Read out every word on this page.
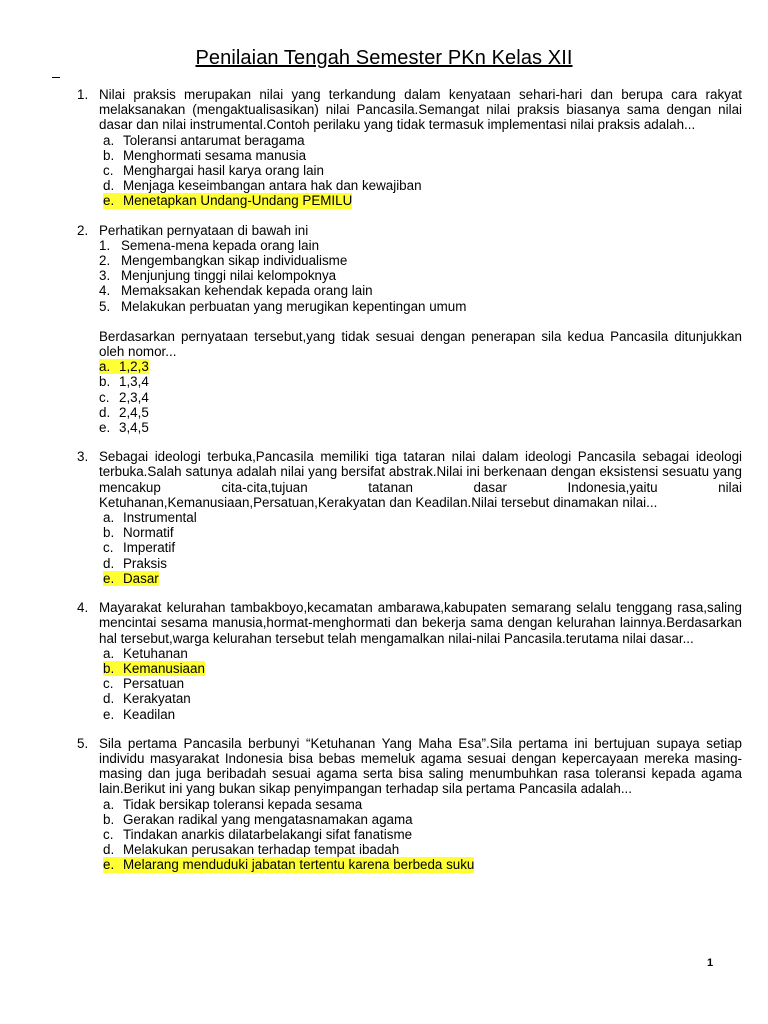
Penilaian Tengah Semester PKn Kelas XII
1. Nilai praksis merupakan nilai yang terkandung dalam kenyataan sehari-hari dan berupa cara rakyat melaksanakan (mengaktualisasikan) nilai Pancasila.Semangat nilai praksis biasanya sama dengan nilai dasar dan nilai instrumental.Contoh perilaku yang tidak termasuk implementasi nilai praksis adalah...
a. Toleransi antarumat beragama
b. Menghormati sesama manusia
c. Menghargai hasil karya orang lain
d. Menjaga keseimbangan antara hak dan kewajiban
e. Menetapkan Undang-Undang PEMILU
2. Perhatikan pernyataan di bawah ini
1. Semena-mena kepada orang lain
2. Mengembangkan sikap individualisme
3. Menjunjung tinggi nilai kelompoknya
4. Memaksakan kehendak kepada orang lain
5. Melakukan perbuatan yang merugikan kepentingan umum
Berdasarkan pernyataan tersebut,yang tidak sesuai dengan penerapan sila kedua Pancasila ditunjukkan oleh nomor...
a. 1,2,3
b. 1,3,4
c. 2,3,4
d. 2,4,5
e. 3,4,5
3. Sebagai ideologi terbuka,Pancasila memiliki tiga tataran nilai dalam ideologi Pancasila sebagai ideologi terbuka.Salah satunya adalah nilai yang bersifat abstrak.Nilai ini berkenaan dengan eksistensi sesuatu yang mencakup cita-cita,tujuan tatanan dasar Indonesia,yaitu nilai Ketuhanan,Kemanusiaan,Persatuan,Kerakyatan dan Keadilan.Nilai tersebut dinamakan nilai...
a. Instrumental
b. Normatif
c. Imperatif
d. Praksis
e. Dasar
4. Mayarakat kelurahan tambakboyo,kecamatan ambarawa,kabupaten semarang selalu tenggang rasa,saling mencintai sesama manusia,hormat-menghormati dan bekerja sama dengan kelurahan lainnya.Berdasarkan hal tersebut,warga kelurahan tersebut telah mengamalkan nilai-nilai Pancasila.terutama nilai dasar...
a. Ketuhanan
b. Kemanusiaan
c. Persatuan
d. Kerakyatan
e. Keadilan
5. Sila pertama Pancasila berbunyi “Ketuhanan Yang Maha Esa”.Sila pertama ini bertujuan supaya setiap individu masyarakat Indonesia bisa bebas memeluk agama sesuai dengan kepercayaan mereka masing-masing dan juga beribadah sesuai agama serta bisa saling menumbuhkan rasa toleransi kepada agama lain.Berikut ini yang bukan sikap penyimpangan terhadap sila pertama Pancasila adalah...
a. Tidak bersikap toleransi kepada sesama
b. Gerakan radikal yang mengatasnamakan agama
c. Tindakan anarkis dilatarbelakangi sifat fanatisme
d. Melakukan perusakan terhadap tempat ibadah
e. Melarang menduduki jabatan tertentu karena berbeda suku
1
